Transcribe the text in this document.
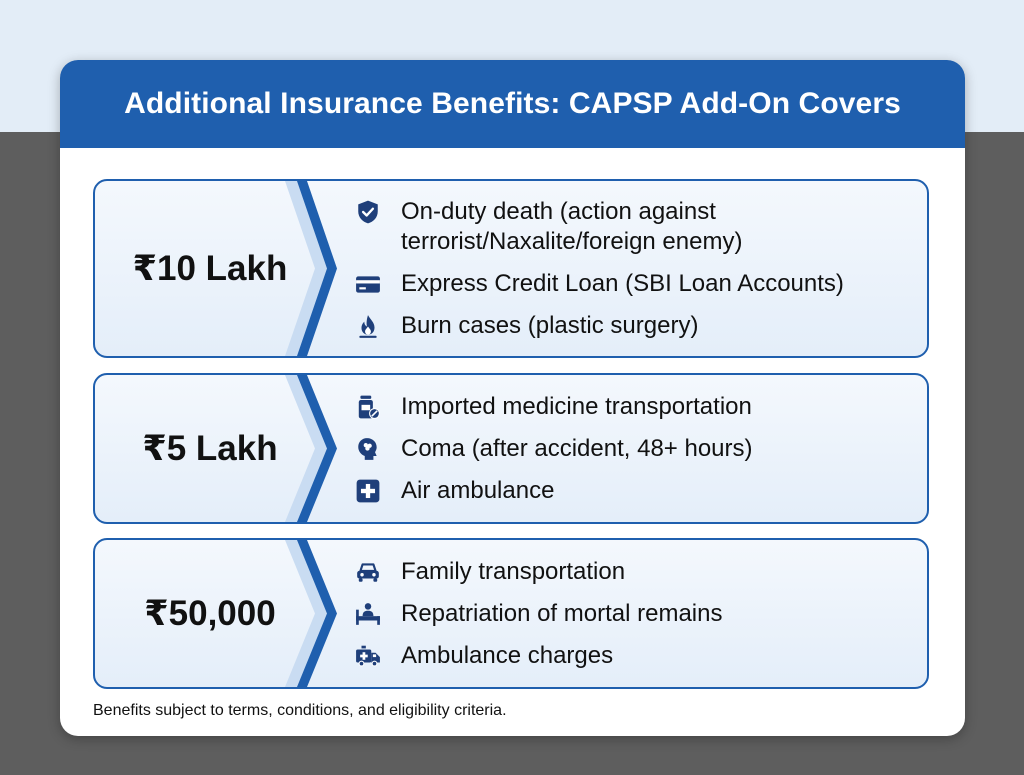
Additional Insurance Benefits: CAPSP Add-On Covers
₹10 Lakh
On-duty death (action against
terrorist/Naxalite/foreign enemy)
Express Credit Loan (SBI Loan Accounts)
Burn cases (plastic surgery)
₹5 Lakh
Imported medicine transportation
Coma (after accident, 48+ hours)
Air ambulance
₹50,000
Family transportation
Repatriation of mortal remains
Ambulance charges
Benefits subject to terms, conditions, and eligibility criteria.
